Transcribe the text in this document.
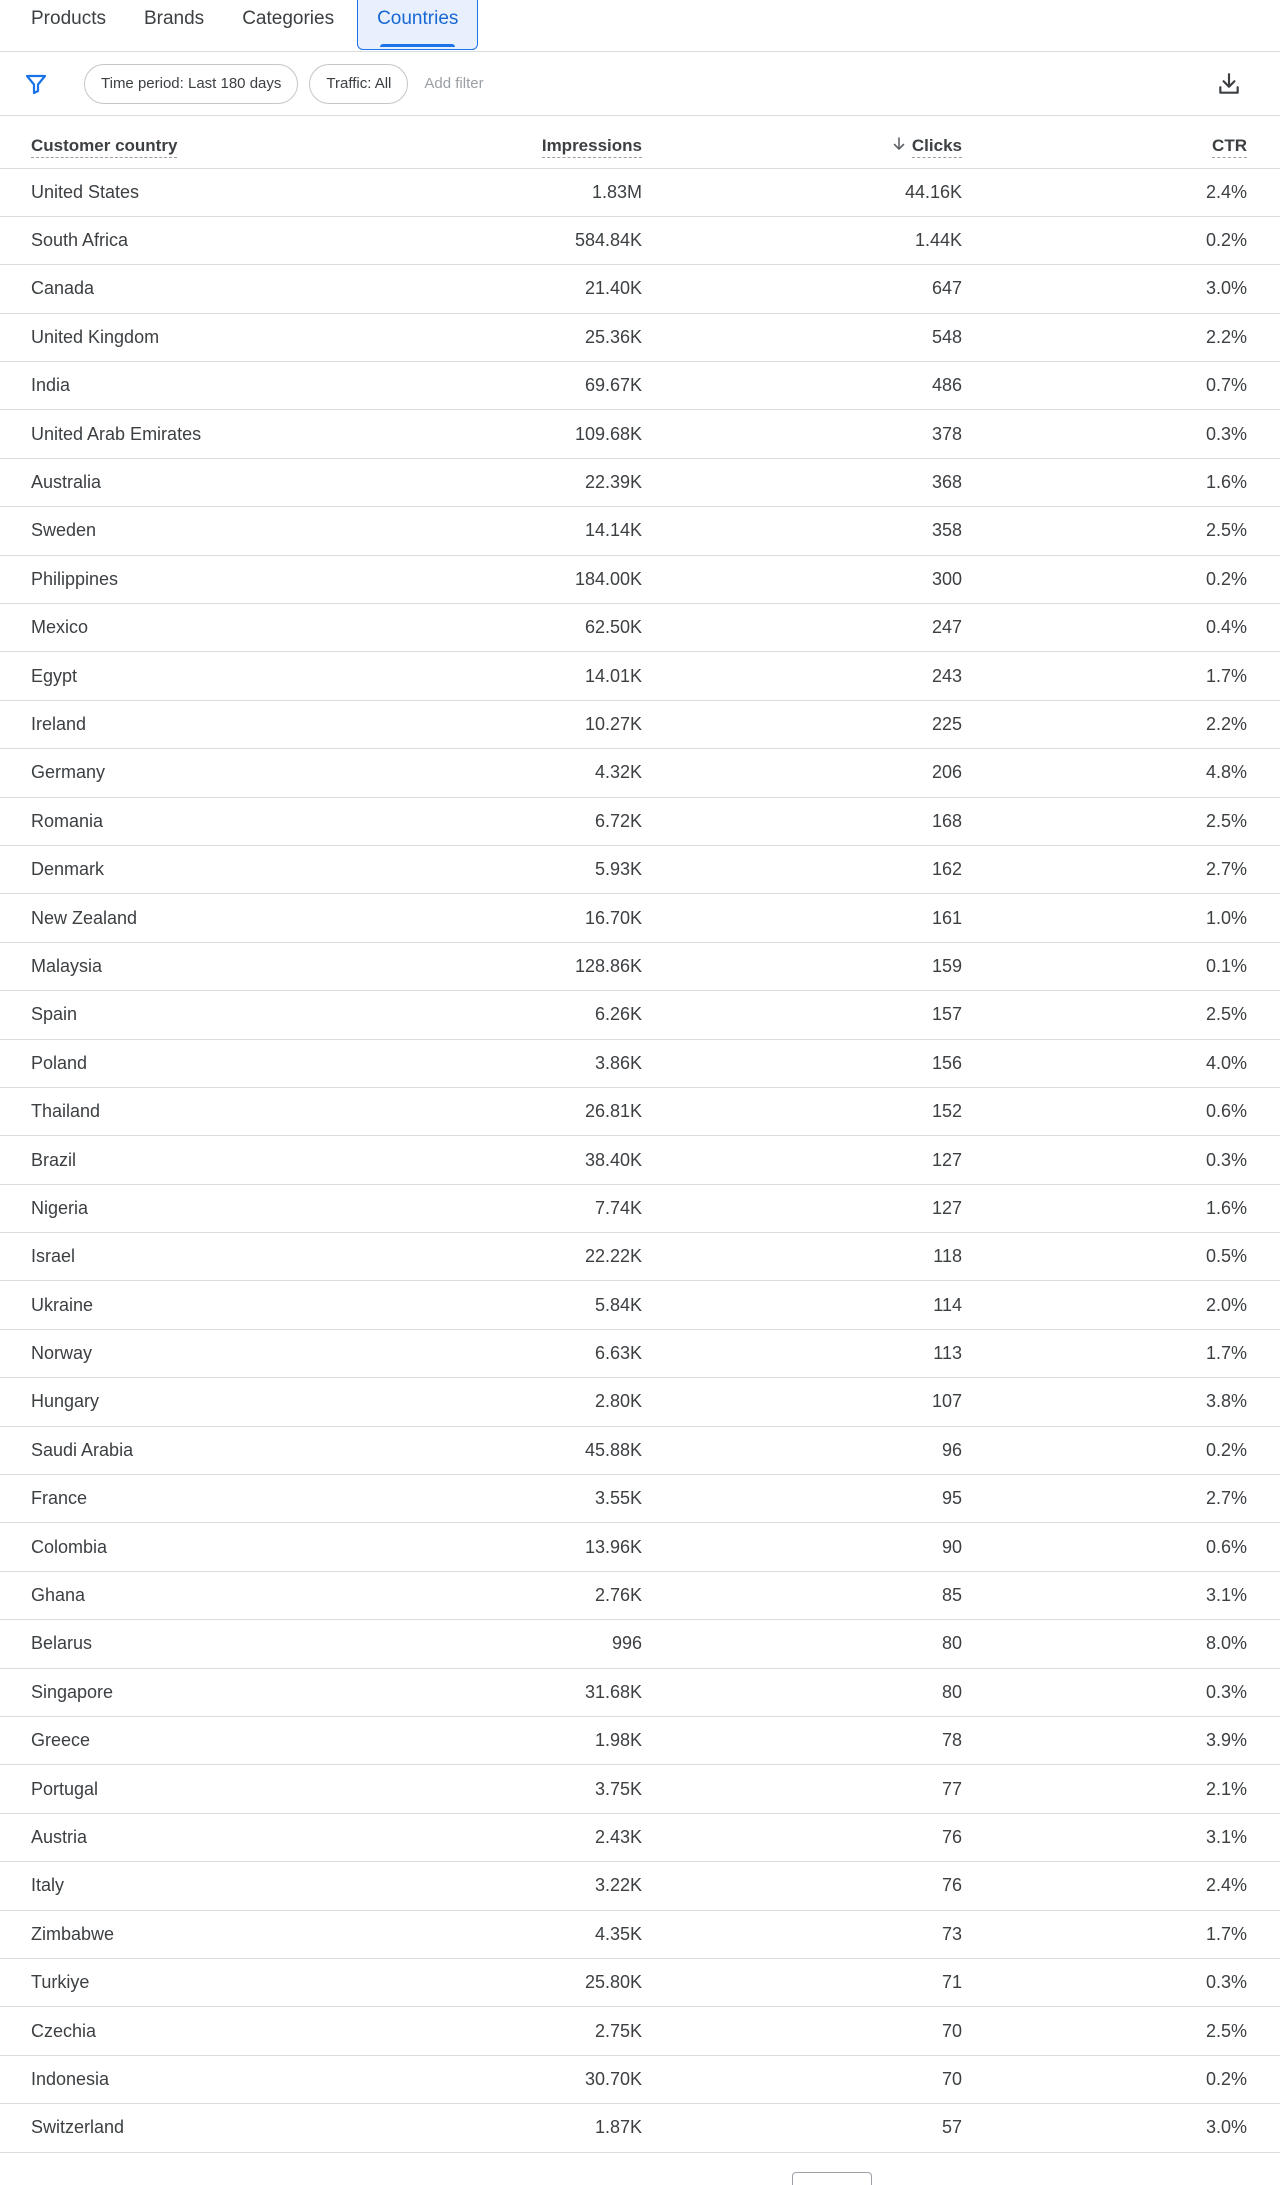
Products Brands Categories Countries
Time period: Last 180 days	Traffic: All Add filter
Customer country	Impressions	Clicks	CTR
United States	1.83M	44.16K	2.4%
South Africa	584.84K	1.44K	0.2%
Canada	21.40K	647	3.0%
United Kingdom	25.36K	548	2.2%
India	69.67K	486	0.7%
United Arab Emirates	109.68K	378	0.3%
Australia	22.39K	368	1.6%
Sweden	14.14K	358	2.5%
Philippines	184.00K	300	0.2%
Mexico	62.50K	247	0.4%
Egypt	14.01K	243	1.7%
Ireland	10.27K	225	2.2%
Germany	4.32K	206	4.8%
Romania	6.72K	168	2.5%
Denmark	5.93K	162	2.7%
New Zealand	16.70K	161	1.0%
Malaysia	128.86K	159	0.1%
Spain	6.26K	157	2.5%
Poland	3.86K	156	4.0%
Thailand	26.81K	152	0.6%
Brazil	38.40K	127	0.3%
Nigeria	7.74K	127	1.6%
Israel	22.22K	118	0.5%
Ukraine	5.84K	114	2.0%
Norway	6.63K	113	1.7%
Hungary	2.80K	107	3.8%
Saudi Arabia	45.88K	96	0.2%
France	3.55K	95	2.7%
Colombia	13.96K	90	0.6%
Ghana	2.76K	85	3.1%
Belarus	996	80	8.0%
Singapore	31.68K	80	0.3%
Greece	1.98K	78	3.9%
Portugal	3.75K	77	2.1%
Austria	2.43K	76	3.1%
Italy	3.22K	76	2.4%
Zimbabwe	4.35K	73	1.7%
Turkiye	25.80K	71	0.3%
Czechia	2.75K	70	2.5%
Indonesia	30.70K	70	0.2%
Switzerland	1.87K	57	3.0%
